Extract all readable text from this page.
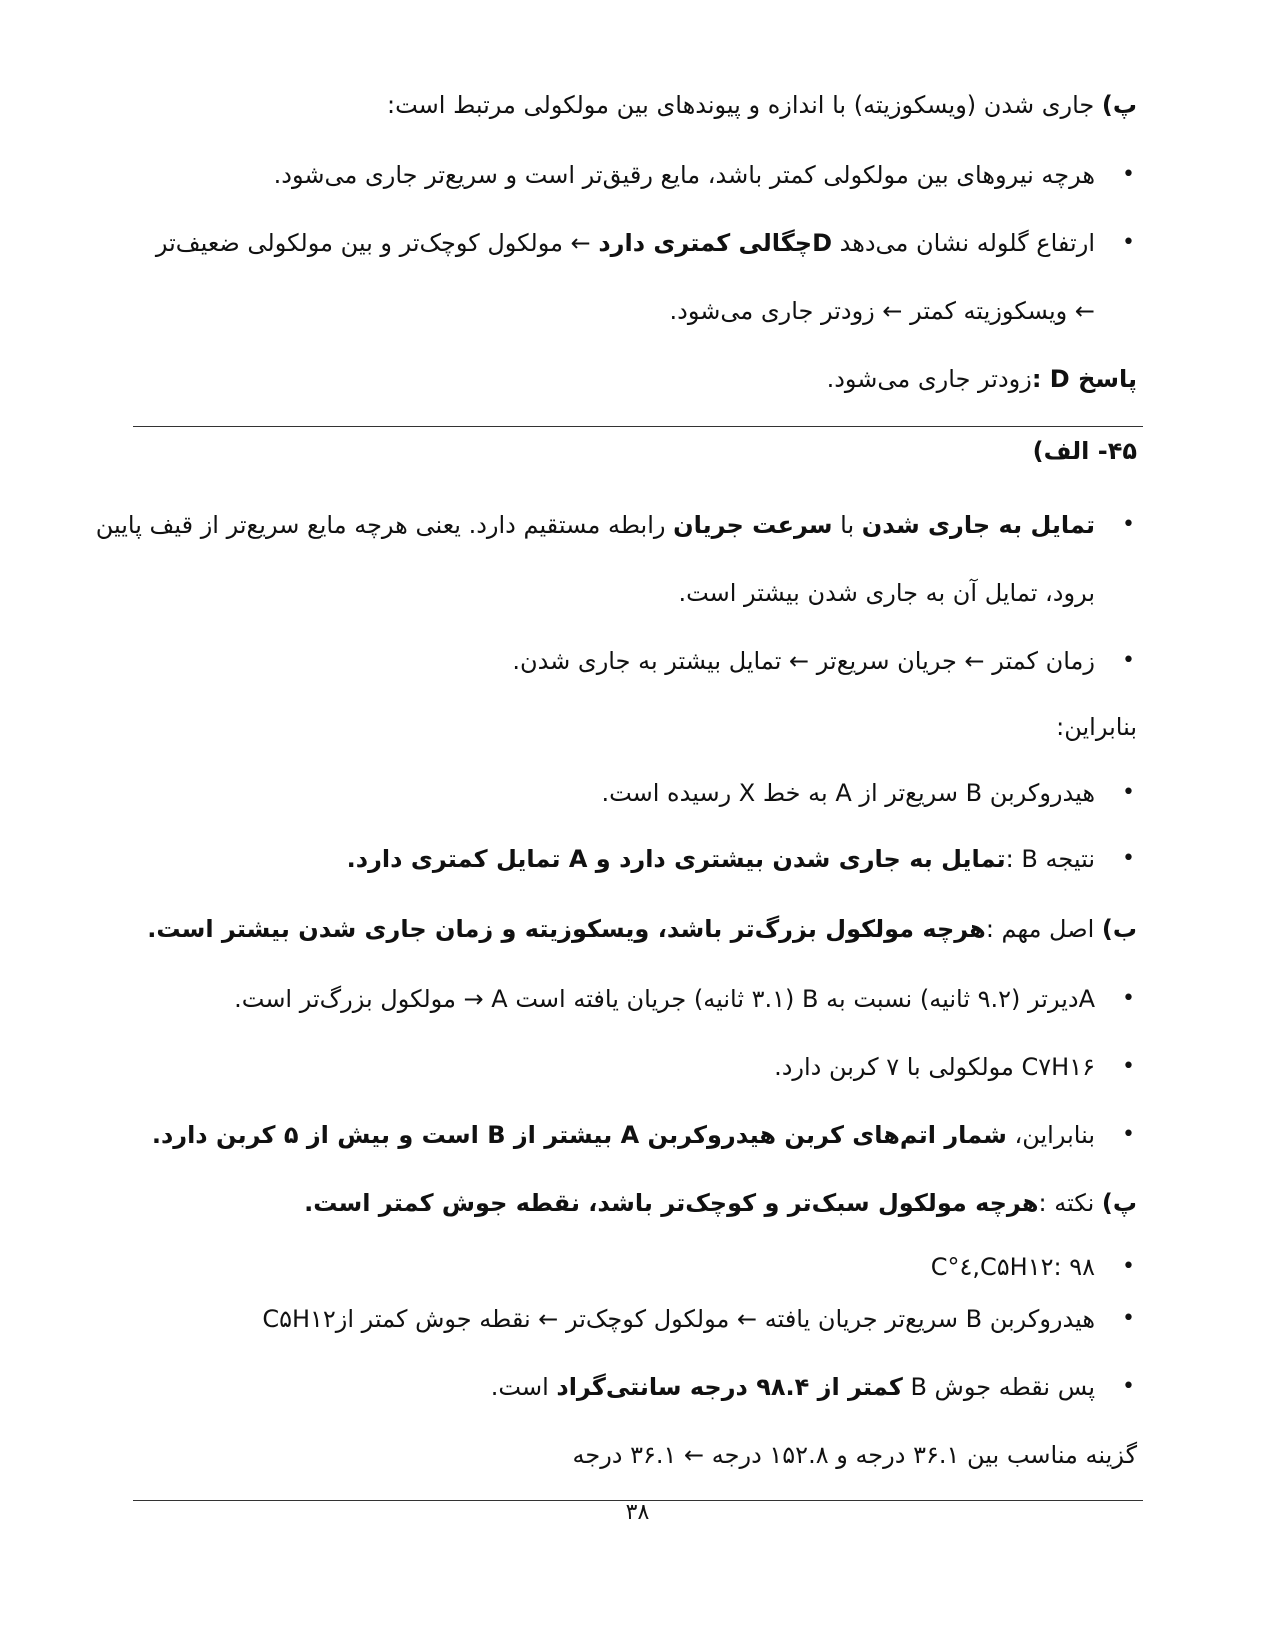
پ) جاری شدن (ویسکوزیته) با اندازه و پیوندهای بین مولکولی مرتبط است:
•
هرچه نیروهای بین مولکولی کمتر باشد، مایع رقیق‌تر است و سریع‌تر جاری می‌شود.
•
ارتفاع گلوله نشان می‌دهد Dچگالی کمتری دارد ← مولکول کوچک‌تر و بین مولکولی ضعیف‌تر
← ویسکوزیته کمتر ← زودتر جاری می‌شود.
پاسخ D :زودتر جاری می‌شود.
۴۵- الف)
•
تمایل به جاری شدن با سرعت جریان رابطه مستقیم دارد. یعنی هرچه مایع سریع‌تر از قیف پایین
برود، تمایل آن به جاری شدن بیشتر است.
•
زمان کمتر ← جریان سریع‌تر ← تمایل بیشتر به جاری شدن.
بنابراین:
•
هیدروکربن B سریع‌تر از A به خط X رسیده است.
•
نتیجه B :تمایل به جاری شدن بیشتری دارد و A تمایل کمتری دارد.
ب) اصل مهم :هرچه مولکول بزرگ‌تر باشد، ویسکوزیته و زمان جاری شدن بیشتر است.
•
Aدیرتر (۹.۲ ثانیه) نسبت به B (۳.۱ ثانیه) جریان یافته است A → مولکول بزرگ‌تر است.
•
C۷H۱۶ مولکولی با ۷ کربن دارد.
•
بنابراین، شمار اتم‌های کربن هیدروکربن A بیشتر از B است و بیش از ۵ کربن دارد.
پ) نکته :هرچه مولکول سبک‌تر و کوچک‌تر باشد، نقطه جوش کمتر است.
•
C۵H۱۲: ۹۸,٤°C
•
هیدروکربن B سریع‌تر جریان یافته ← مولکول کوچک‌تر ← نقطه جوش کمتر ازC۵H۱۲
•
پس نقطه جوش B کمتر از ۹۸.۴ درجه سانتی‌گراد است.
گزینه مناسب بین ۳۶.۱ درجه و ۱۵۲.۸ درجه ← ۳۶.۱ درجه
۳۸
